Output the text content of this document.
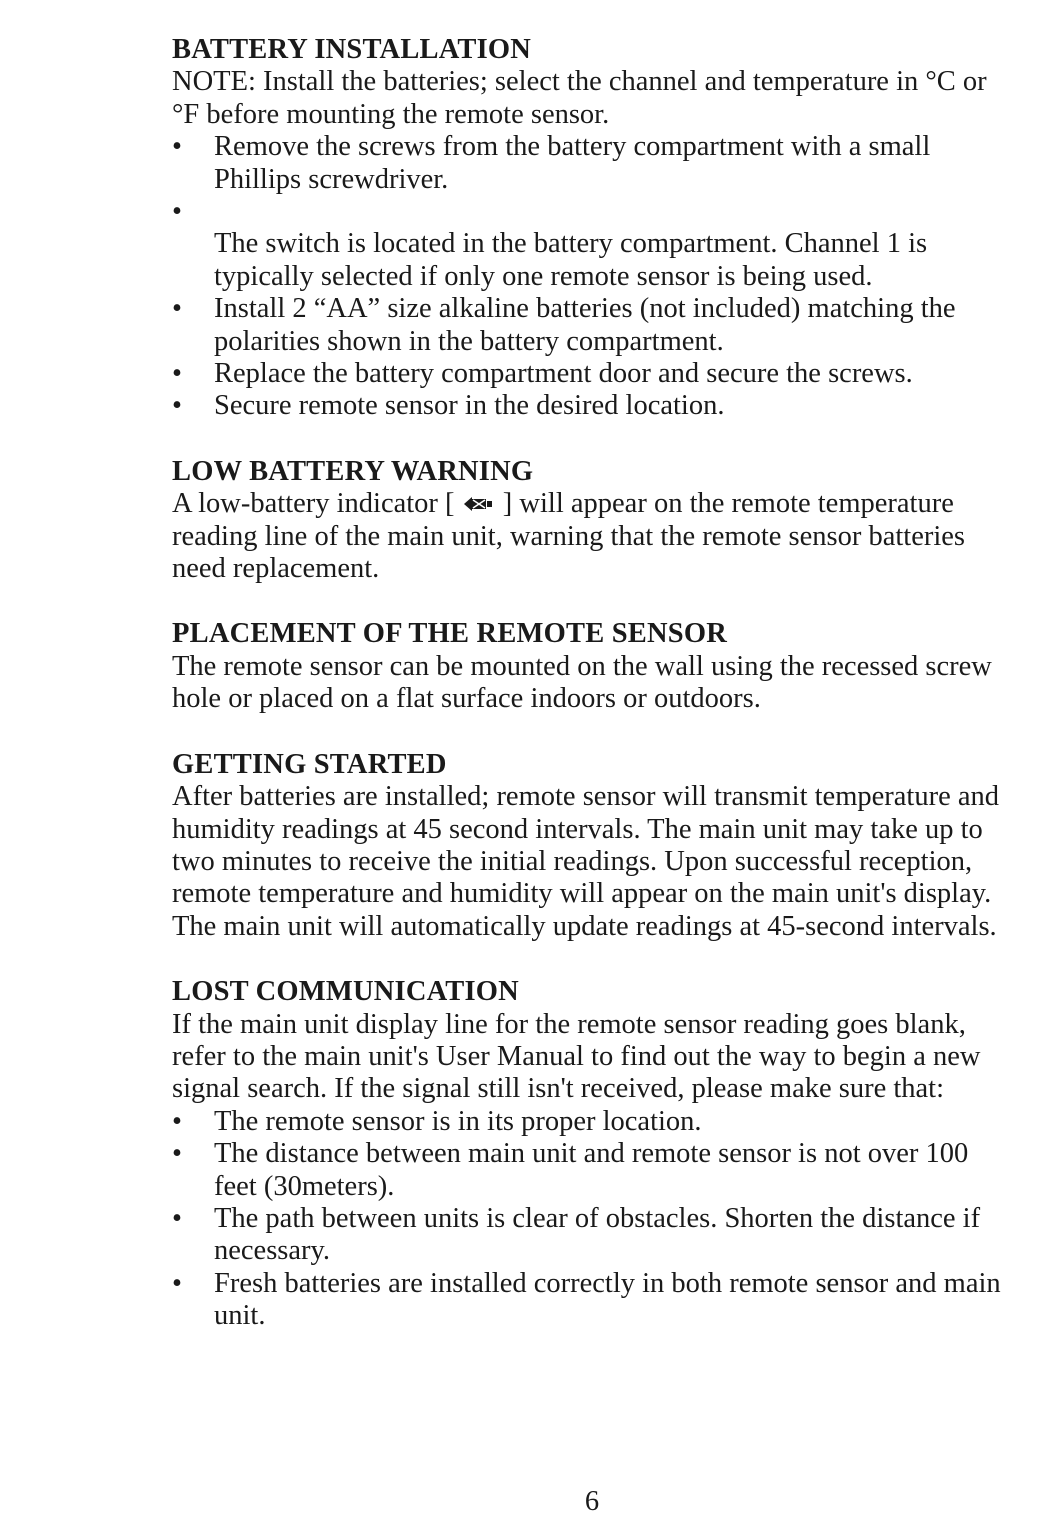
BATTERY INSTALLATION

NOTE: Install the batteries; select the channel and temperature in °C or °F before mounting the remote sensor.

• Remove the screws from the battery compartment with a small Phillips screwdriver.
•
The switch is located in the battery compartment. Channel 1 is typically selected if only one remote sensor is being used.
• Install 2 “AA” size alkaline batteries (not included) matching the polarities shown in the battery compartment.
• Replace the battery compartment door and secure the screws.
• Secure remote sensor in the desired location.
LOW BATTERY WARNING

A low-battery indicator [ ] will appear on the remote temperature reading line of the main unit, warning that the remote sensor batteries need replacement.

PLACEMENT OF THE REMOTE SENSOR

The remote sensor can be mounted on the wall using the recessed screw hole or placed on a flat surface indoors or outdoors.

GETTING STARTED

After batteries are installed; remote sensor will transmit temperature and humidity readings at 45 second intervals. The main unit may take up to two minutes to receive the initial readings. Upon successful reception, remote temperature and humidity will appear on the main unit's display. The main unit will automatically update readings at 45-second intervals.

LOST COMMUNICATION

If the main unit display line for the remote sensor reading goes blank, refer to the main unit's User Manual to find out the way to begin a new signal search. If the signal still isn't received, please make sure that:

• The remote sensor is in its proper location.
• The distance between main unit and remote sensor is not over 100 feet (30meters).
• The path between units is clear of obstacles. Shorten the distance if necessary.
• Fresh batteries are installed correctly in both remote sensor and main unit.
6
